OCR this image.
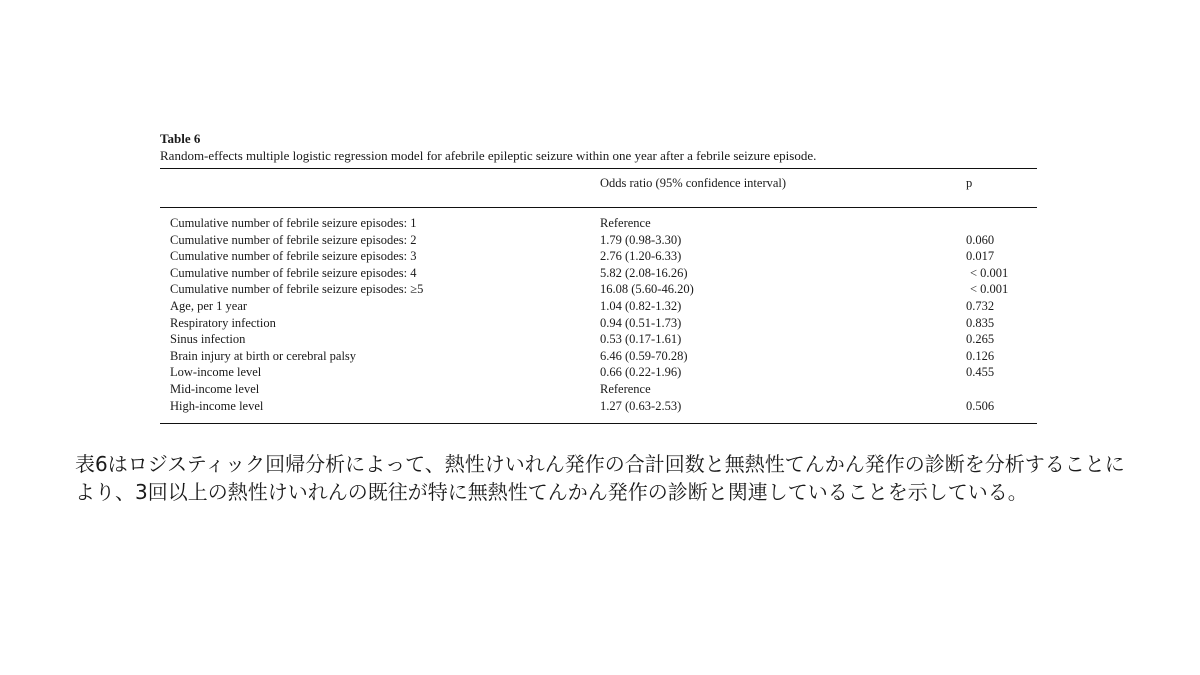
Table 6

Random-effects multiple logistic regression model for afebrile epileptic seizure within one year after a febrile seizure episode.

	Odds ratio (95% confidence interval)	p
Cumulative number of febrile seizure episodes: 1	Reference	
Cumulative number of febrile seizure episodes: 2	1.79 (0.98-3.30)	0.060
Cumulative number of febrile seizure episodes: 3	2.76 (1.20-6.33)	0.017
Cumulative number of febrile seizure episodes: 4	5.82 (2.08-16.26)	< 0.001
Cumulative number of febrile seizure episodes: ≥5	16.08 (5.60-46.20)	< 0.001
Age, per 1 year	1.04 (0.82-1.32)	0.732
Respiratory infection	0.94 (0.51-1.73)	0.835
Sinus infection	0.53 (0.17-1.61)	0.265
Brain injury at birth or cerebral palsy	6.46 (0.59-70.28)	0.126
Low-income level	0.66 (0.22-1.96)	0.455
Mid-income level	Reference	
High-income level	1.27 (0.63-2.53)	0.506

表6はロジスティック回帰分析によって、熱性けいれん発作の合計回数と無熱性てんかん発作の診断を分析することにより、3回以上の熱性けいれんの既往が特に無熱性てんかん発作の診断と関連していることを示している。
